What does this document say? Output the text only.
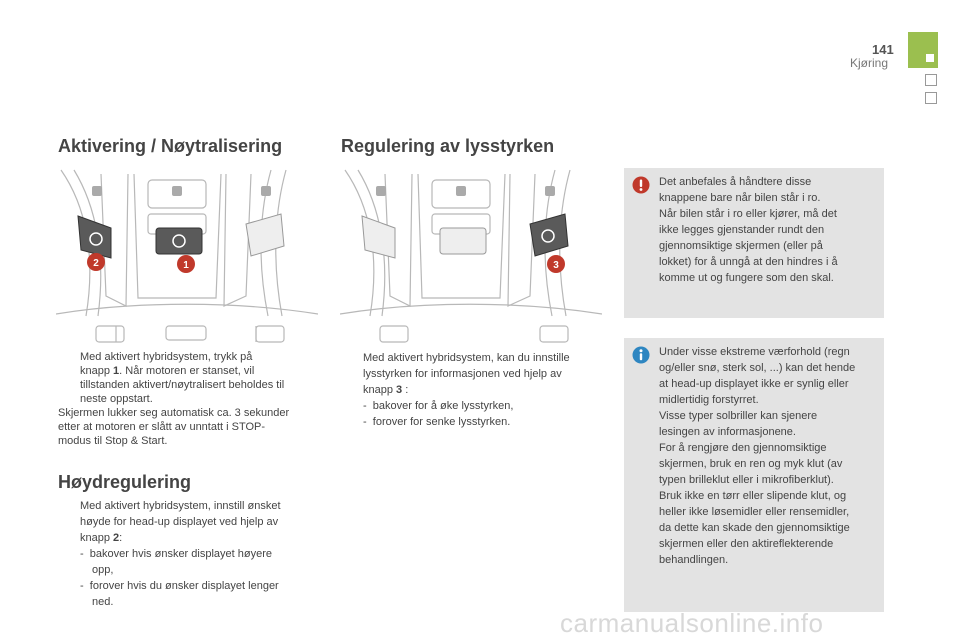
141
Kjøring
Aktivering / Nøytralisering	Regulering av lysstyrken
2	1	3
Med aktivert hybridsystem, trykk på
knapp 1. Når motoren er stanset, vil
tillstanden aktivert/nøytralisert beholdes til
neste oppstart.
Skjermen lukker seg automatisk ca. 3 sekunder
etter at motoren er slått av unntatt i STOP-
modus til Stop & Start.
Høydregulering
Med aktivert hybridsystem, innstill ønsket
høyde for head-up displayet ved hjelp av
knapp 2:
- bakover hvis ønsker displayet høyere
opp,
- forover hvis du ønsker displayet lenger
ned.
Med aktivert hybridsystem, kan du innstille
lysstyrken for informasjonen ved hjelp av
knapp 3 :
- bakover for å øke lysstyrken,
- forover for senke lysstyrken.
Det anbefales å håndtere disse
knappene bare når bilen står i ro.
Når bilen står i ro eller kjører, må det
ikke legges gjenstander rundt den
gjennomsiktige skjermen (eller på
lokket) for å unngå at den hindres i å
komme ut og fungere som den skal.
Under visse ekstreme værforhold (regn
og/eller snø, sterk sol, ...) kan det hende
at head-up displayet ikke er synlig eller
midlertidig forstyrret.
Visse typer solbriller kan sjenere
lesingen av informasjonene.
For å rengjøre den gjennomsiktige
skjermen, bruk en ren og myk klut (av
typen brilleklut eller i mikrofiberklut).
Bruk ikke en tørr eller slipende klut, og
heller ikke løsemidler eller rensemidler,
da dette kan skade den gjennomsiktige
skjermen eller den aktireflekterende
behandlingen.
carmanualsonline.info
